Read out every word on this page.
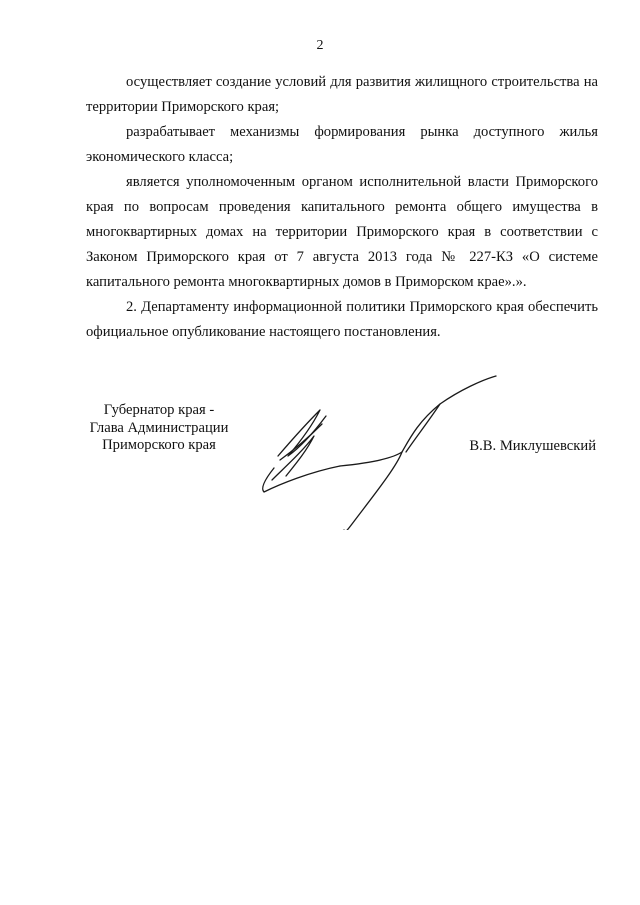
2

осуществляет создание условий для развития жилищного строительства на территории Приморского края;

разрабатывает механизмы формирования рынка доступного жилья экономического класса;

является уполномоченным органом исполнительной власти Приморского края по вопросам проведения капитального ремонта общего имущества в многоквартирных домах на территории Приморского края в соответствии с Законом Приморского края от 7 августа 2013 года № 227-КЗ «О системе капитального ремонта многоквартирных домов в Приморском крае».».

2. Департаменту информационной политики Приморского края обеспечить официальное опубликование настоящего постановления.

Губернатор края -
Глава Администрации
Приморского края	В.В. Миклушевский
